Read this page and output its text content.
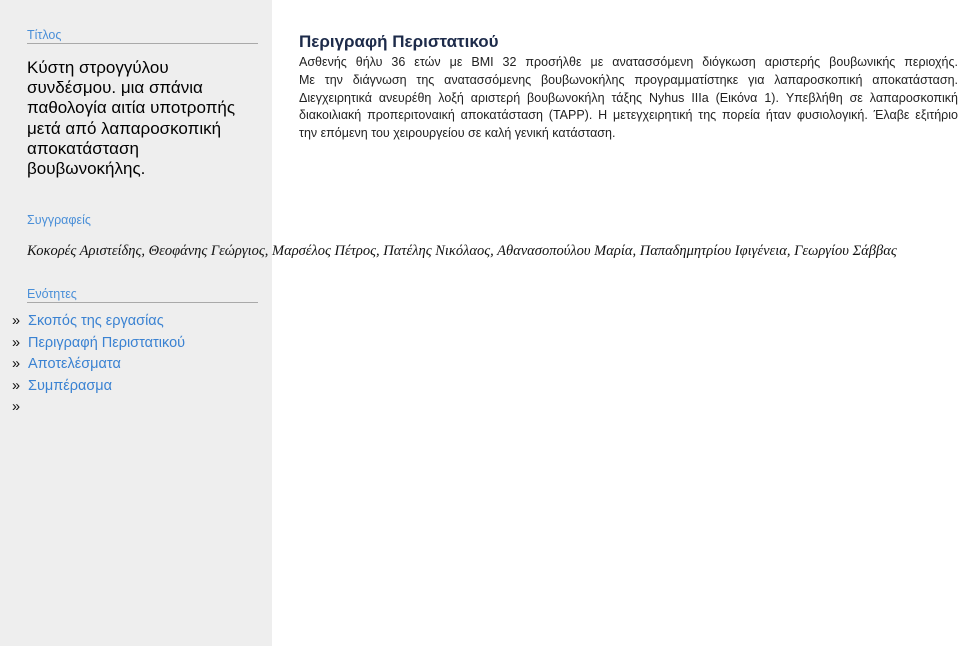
Τίτλος
Κύστη στρογγύλου συνδέσμου. μια σπάνια παθολογία αιτία υποτροπής μετά από λαπαροσκοπική αποκατάσταση βουβωνοκήλης.
Συγγραφείς
Κοκορές Αριστείδης, Θεοφάνης Γεώργιος, Μαρσέλος Πέτρος, Πατέλης Νικόλαος, Αθανασοπούλου Μαρία, Παπαδημητρίου Ιφιγένεια, Γεωργίου Σάββας
Ενότητες
» Σκοπός της εργασίας
» Περιγραφή Περιστατικού
» Αποτελέσματα
» Συμπέρασμα
»
Περιγραφή Περιστατικού
Ασθενής θήλυ 36 ετών με BMI 32 προσήλθε με ανατασσόμενη διόγκωση αριστερής βουβωνικής περιοχής.
Με την διάγνωση της ανατασσόμενης βουβωνοκήλης προγραμματίστηκε για λαπαροσκοπική αποκατάσταση.
Διεγχειρητικά ανευρέθη λοξή αριστερή βουβωνοκήλη τάξης Nyhus IIIa (Εικόνα 1). Υπεβλήθη σε λαπαροσκοπική
διακοιλιακή προπεριτοναική αποκατάσταση (TAPP). Η μετεγχειρητική της πορεία ήταν φυσιολογική. Έλαβε εξιτήριο
την επόμενη του χειρουργείου σε καλή γενική κατάσταση.
